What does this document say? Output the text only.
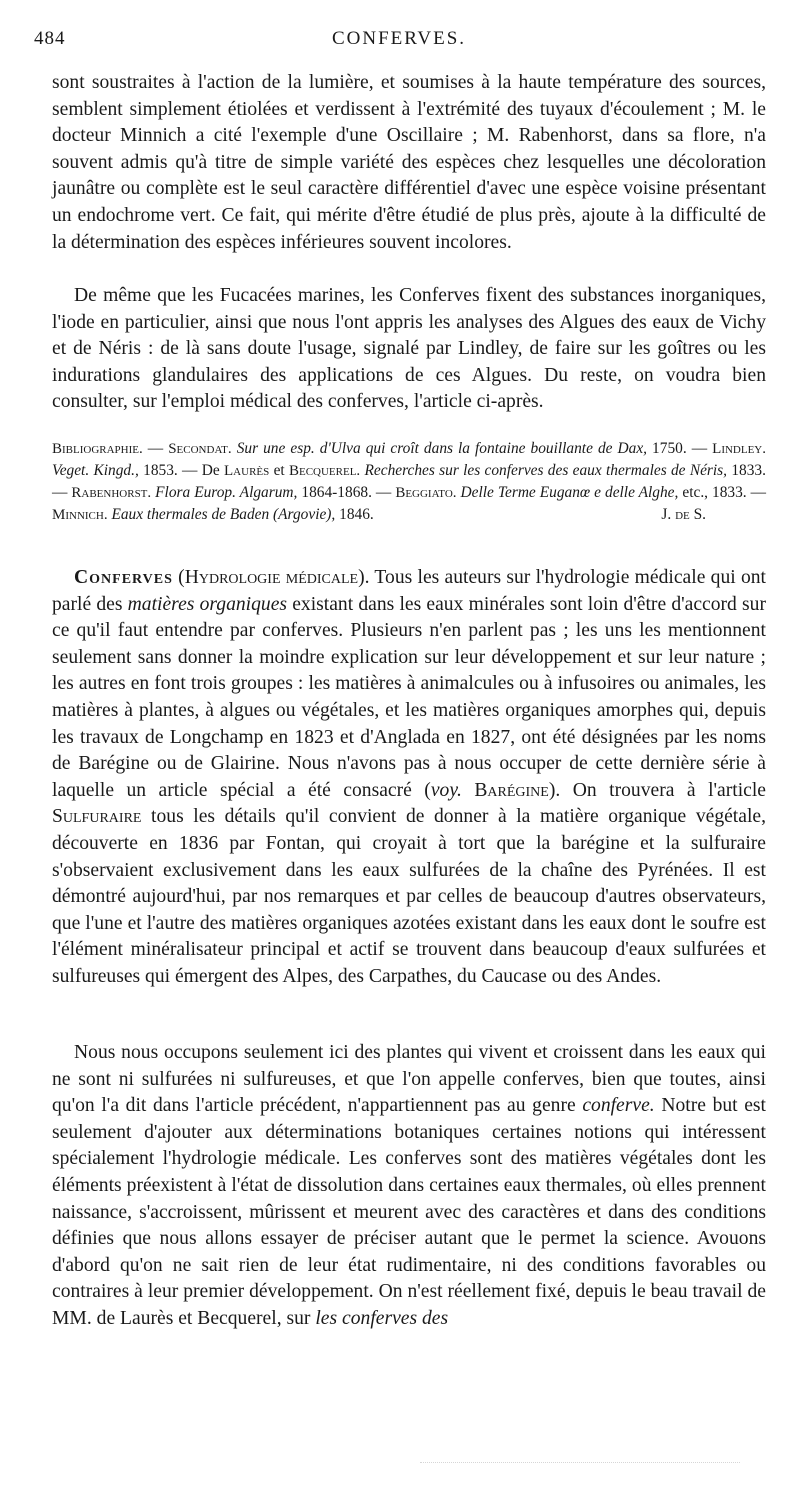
484	CONFERVES.

sont soustraites à l'action de la lumière, et soumises à la haute température des sources, semblent simplement étiolées et verdissent à l'extrémité des tuyaux d'écoulement ; M. le docteur Minnich a cité l'exemple d'une Oscillaire ; M. Rabenhorst, dans sa flore, n'a souvent admis qu'à titre de simple variété des espèces chez lesquelles une décoloration jaunâtre ou complète est le seul caractère différentiel d'avec une espèce voisine présentant un endochrome vert. Ce fait, qui mérite d'être étudié de plus près, ajoute à la difficulté de la détermination des espèces inférieures souvent incolores.

De même que les Fucacées marines, les Conferves fixent des substances inorganiques, l'iode en particulier, ainsi que nous l'ont appris les analyses des Algues des eaux de Vichy et de Néris : de là sans doute l'usage, signalé par Lindley, de faire sur les goîtres ou les indurations glandulaires des applications de ces Algues. Du reste, on voudra bien consulter, sur l'emploi médical des conferves, l'article ci-après.

Bibliographie. — Secondat. Sur une esp. d'Ulva qui croît dans la fontaine bouillante de Dax, 1750. — Lindley. Veget. Kingd., 1853. — De Laurès et Becquerel. Recherches sur les conferves des eaux thermales de Néris, 1833. — Rabenhorst. Flora Europ. Algarum, 1864-1868. — Beggiato. Delle Terme Euganœ e delle Alghe, etc., 1833. — Minnich. Eaux thermales de Baden (Argovie), 1846.	J. de S.

Conferves (Hydrologie médicale). Tous les auteurs sur l'hydrologie médicale qui ont parlé des matières organiques existant dans les eaux minérales sont loin d'être d'accord sur ce qu'il faut entendre par conferves. Plusieurs n'en parlent pas ; les uns les mentionnent seulement sans donner la moindre explication sur leur développement et sur leur nature ; les autres en font trois groupes : les matières à animalcules ou à infusoires ou animales, les matières à plantes, à algues ou végétales, et les matières organiques amorphes qui, depuis les travaux de Longchamp en 1823 et d'Anglada en 1827, ont été désignées par les noms de Barégine ou de Glairine. Nous n'avons pas à nous occuper de cette dernière série à laquelle un article spécial a été consacré (voy. Barégine). On trouvera à l'article Sulfuraire tous les détails qu'il convient de donner à la matière organique végétale, découverte en 1836 par Fontan, qui croyait à tort que la barégine et la sulfuraire s'observaient exclusivement dans les eaux sulfurées de la chaîne des Pyrénées. Il est démontré aujourd'hui, par nos remarques et par celles de beaucoup d'autres observateurs, que l'une et l'autre des matières organiques azotées existant dans les eaux dont le soufre est l'élément minéralisateur principal et actif se trouvent dans beaucoup d'eaux sulfurées et sulfureuses qui émergent des Alpes, des Carpathes, du Caucase ou des Andes.

Nous nous occupons seulement ici des plantes qui vivent et croissent dans les eaux qui ne sont ni sulfurées ni sulfureuses, et que l'on appelle conferves, bien que toutes, ainsi qu'on l'a dit dans l'article précédent, n'appartiennent pas au genre conferve. Notre but est seulement d'ajouter aux déterminations botaniques certaines notions qui intéressent spécialement l'hydrologie médicale. Les conferves sont des matières végétales dont les éléments préexistent à l'état de dissolution dans certaines eaux thermales, où elles prennent naissance, s'accroissent, mûrissent et meurent avec des caractères et dans des conditions définies que nous allons essayer de préciser autant que le permet la science. Avouons d'abord qu'on ne sait rien de leur état rudimentaire, ni des conditions favorables ou contraires à leur premier développement. On n'est réellement fixé, depuis le beau travail de MM. de Laurès et Becquerel, sur les conferves des
